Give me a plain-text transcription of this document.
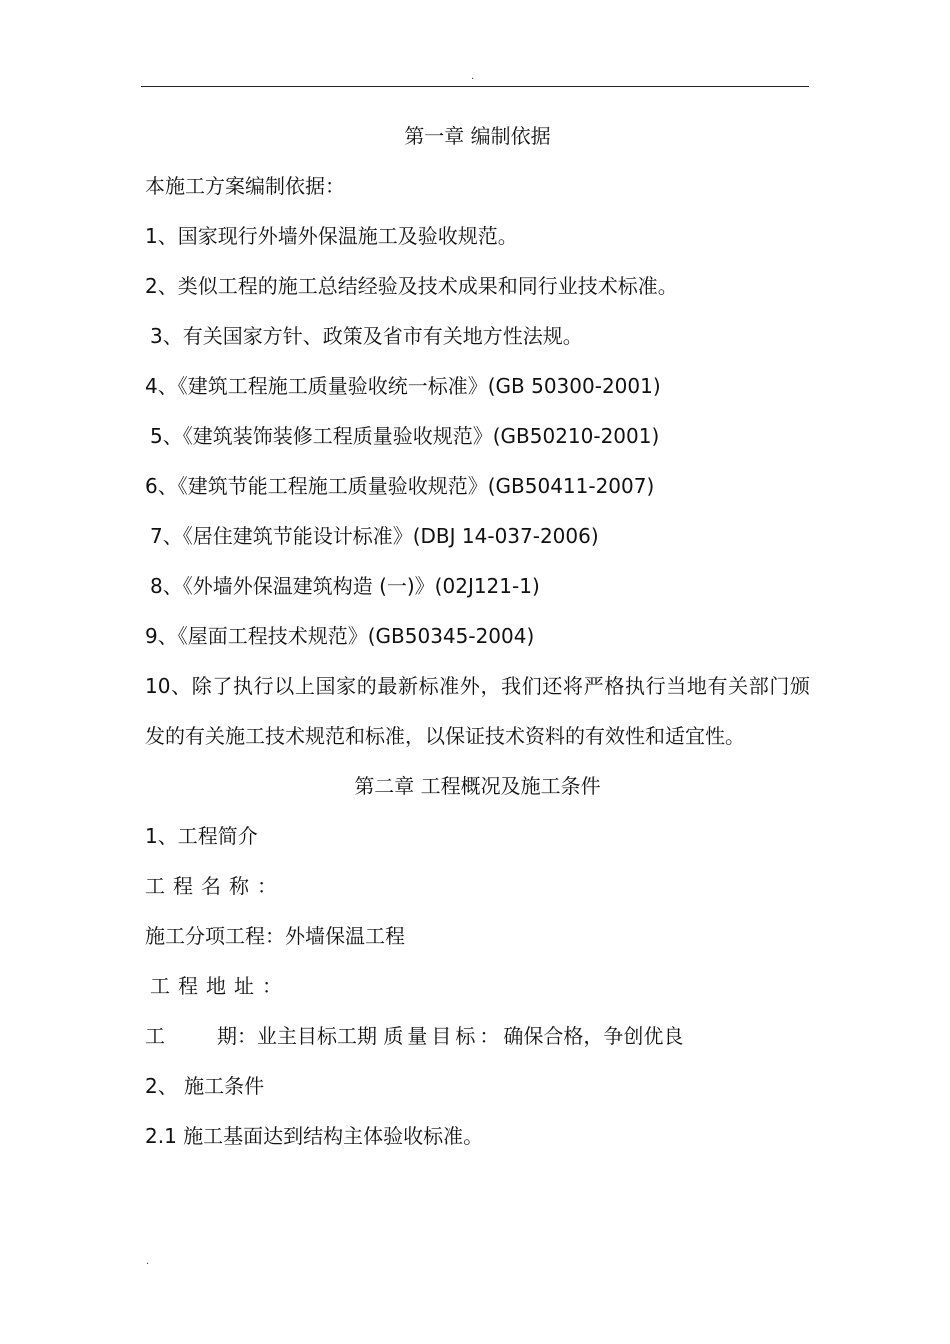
.
第一章 编制依据
本施工方案编制依据：
1、国家现行外墙外保温施工及验收规范。
2、类似工程的施工总结经验及技术成果和同行业技术标准。
3、有关国家方针、政策及省市有关地方性法规。
4、《建筑工程施工质量验收统一标准》(GB 50300-2001)
5、《建筑装饰装修工程质量验收规范》(GB50210-2001)
6、《建筑节能工程施工质量验收规范》(GB50411-2007)
7、《居住建筑节能设计标准》(DBJ 14-037-2006)
8、《外墙外保温建筑构造 (一)》(02J121-1)
9、《屋面工程技术规范》(GB50345-2004)
10、除了执行以上国家的最新标准外，我们还将严格执行当地有关部门颁发的有关施工技术规范和标准，以保证技术资料的有效性和适宜性。
第二章 工程概况及施工条件
1、工程简介
工程名称：
施工分项工程：外墙保温工程
工程地址：
工	期：业主目标工期 质量目标：确保合格，争创优良
2、 施工条件
2.1 施工基面达到结构主体验收标准。
.
